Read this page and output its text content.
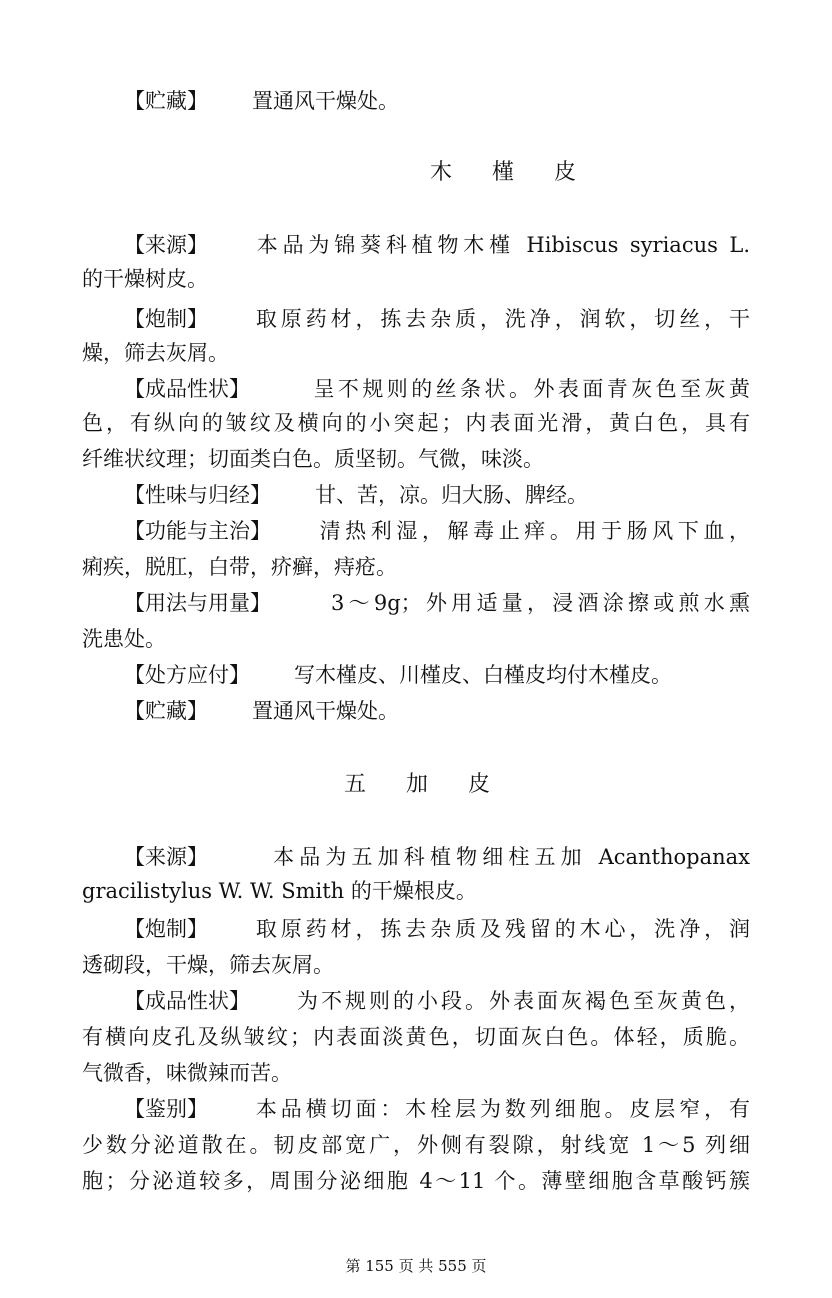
【贮藏】 置通风干燥处。
木 槿 皮
【来源】 本品为锦葵科植物木槿 Hibiscus syriacus L.
的干燥树皮。
【炮制】 取原药材，拣去杂质，洗净，润软，切丝，干
燥，筛去灰屑。
【成品性状】	呈不规则的丝条状。外表面青灰色至灰黄
色，有纵向的皱纹及横向的小突起；内表面光滑，黄白色，具有
纤维状纹理；切面类白色。质坚韧。气微，味淡。
【性味与归经】 甘、苦，凉。归大肠、脾经。
【功能与主治】 清热利湿，解毒止痒。用于肠风下血，
痢疾，脱肛，白带，疥癣，痔疮。
【用法与用量】	3～9g；外用适量，浸酒涂擦或煎水熏
洗患处。
【处方应付】 写木槿皮、川槿皮、白槿皮均付木槿皮。
【贮藏】 置通风干燥处。
五 加 皮
【来源】	本品为五加科植物细柱五加 Acanthopanax
gracilistylus W. W. Smith 的干燥根皮。
【炮制】 取原药材，拣去杂质及残留的木心，洗净，润
透砌段，干燥，筛去灰屑。
【成品性状】 为不规则的小段。外表面灰褐色至灰黄色，
有横向皮孔及纵皱纹；内表面淡黄色，切面灰白色。体轻，质脆。
气微香，味微辣而苦。
【鉴别】 本品横切面：木栓层为数列细胞。皮层窄，有
少数分泌道散在。韧皮部宽广，外侧有裂隙，射线宽 1～5 列细
胞；分泌道较多，周围分泌细胞 4～11 个。薄壁细胞含草酸钙簇
第 155 页 共 555 页
